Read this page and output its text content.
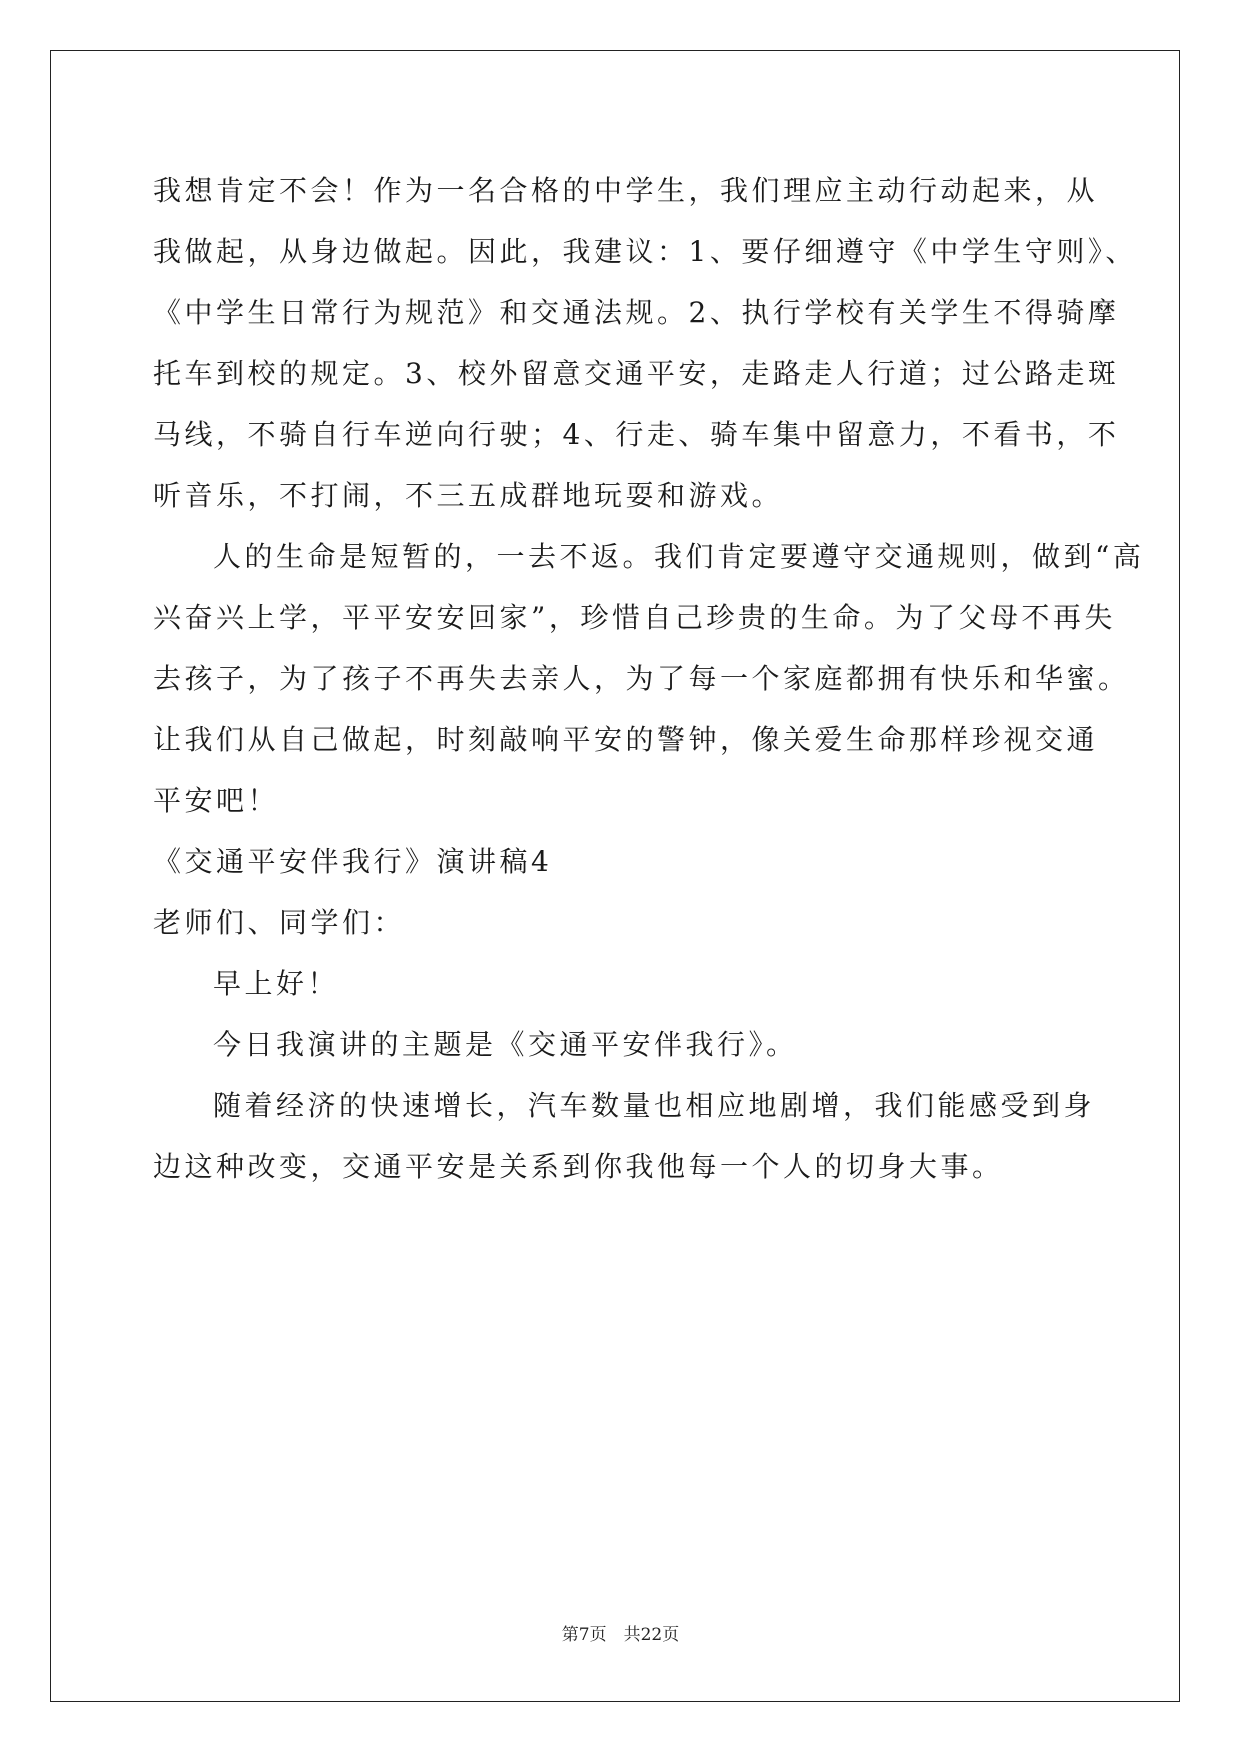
我想肯定不会！作为一名合格的中学生，我们理应主动行动起来，从
我做起，从身边做起。因此，我建议：1、要仔细遵守《中学生守则》、
《中学生日常行为规范》和交通法规。2、执行学校有关学生不得骑摩
托车到校的规定。3、校外留意交通平安，走路走人行道；过公路走斑
马线，不骑自行车逆向行驶；4、行走、骑车集中留意力，不看书，不
听音乐，不打闹，不三五成群地玩耍和游戏。
人的生命是短暂的，一去不返。我们肯定要遵守交通规则，做到“高
兴奋兴上学，平平安安回家”，珍惜自己珍贵的生命。为了父母不再失
去孩子，为了孩子不再失去亲人，为了每一个家庭都拥有快乐和华蜜。
让我们从自己做起，时刻敲响平安的警钟，像关爱生命那样珍视交通
平安吧！
《交通平安伴我行》演讲稿4
老师们、同学们：
早上好！
今日我演讲的主题是《交通平安伴我行》。
随着经济的快速增长，汽车数量也相应地剧增，我们能感受到身
边这种改变，交通平安是关系到你我他每一个人的切身大事。
第7页　共22页
